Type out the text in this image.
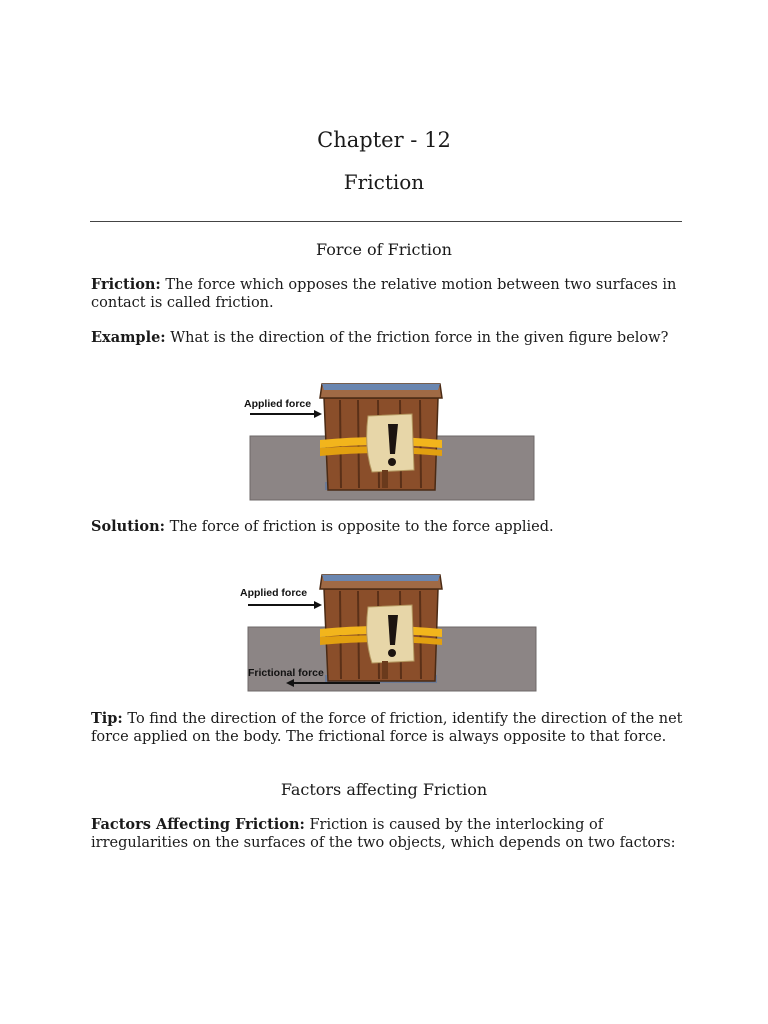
Chapter - 12
Friction
Force of Friction
Friction: The force which opposes the relative motion between two surfaces in contact is called friction.
Example: What is the direction of the friction force in the given figure below?
Applied force
Solution: The force of friction is opposite to the force applied.
Applied force
Frictional force
Tip: To find the direction of the force of friction, identify the direction of the net force applied on the body. The frictional force is always opposite to that force.
Factors affecting Friction
Factors Affecting Friction: Friction is caused by the interlocking of irregularities on the surfaces of the two objects, which depends on two factors:
